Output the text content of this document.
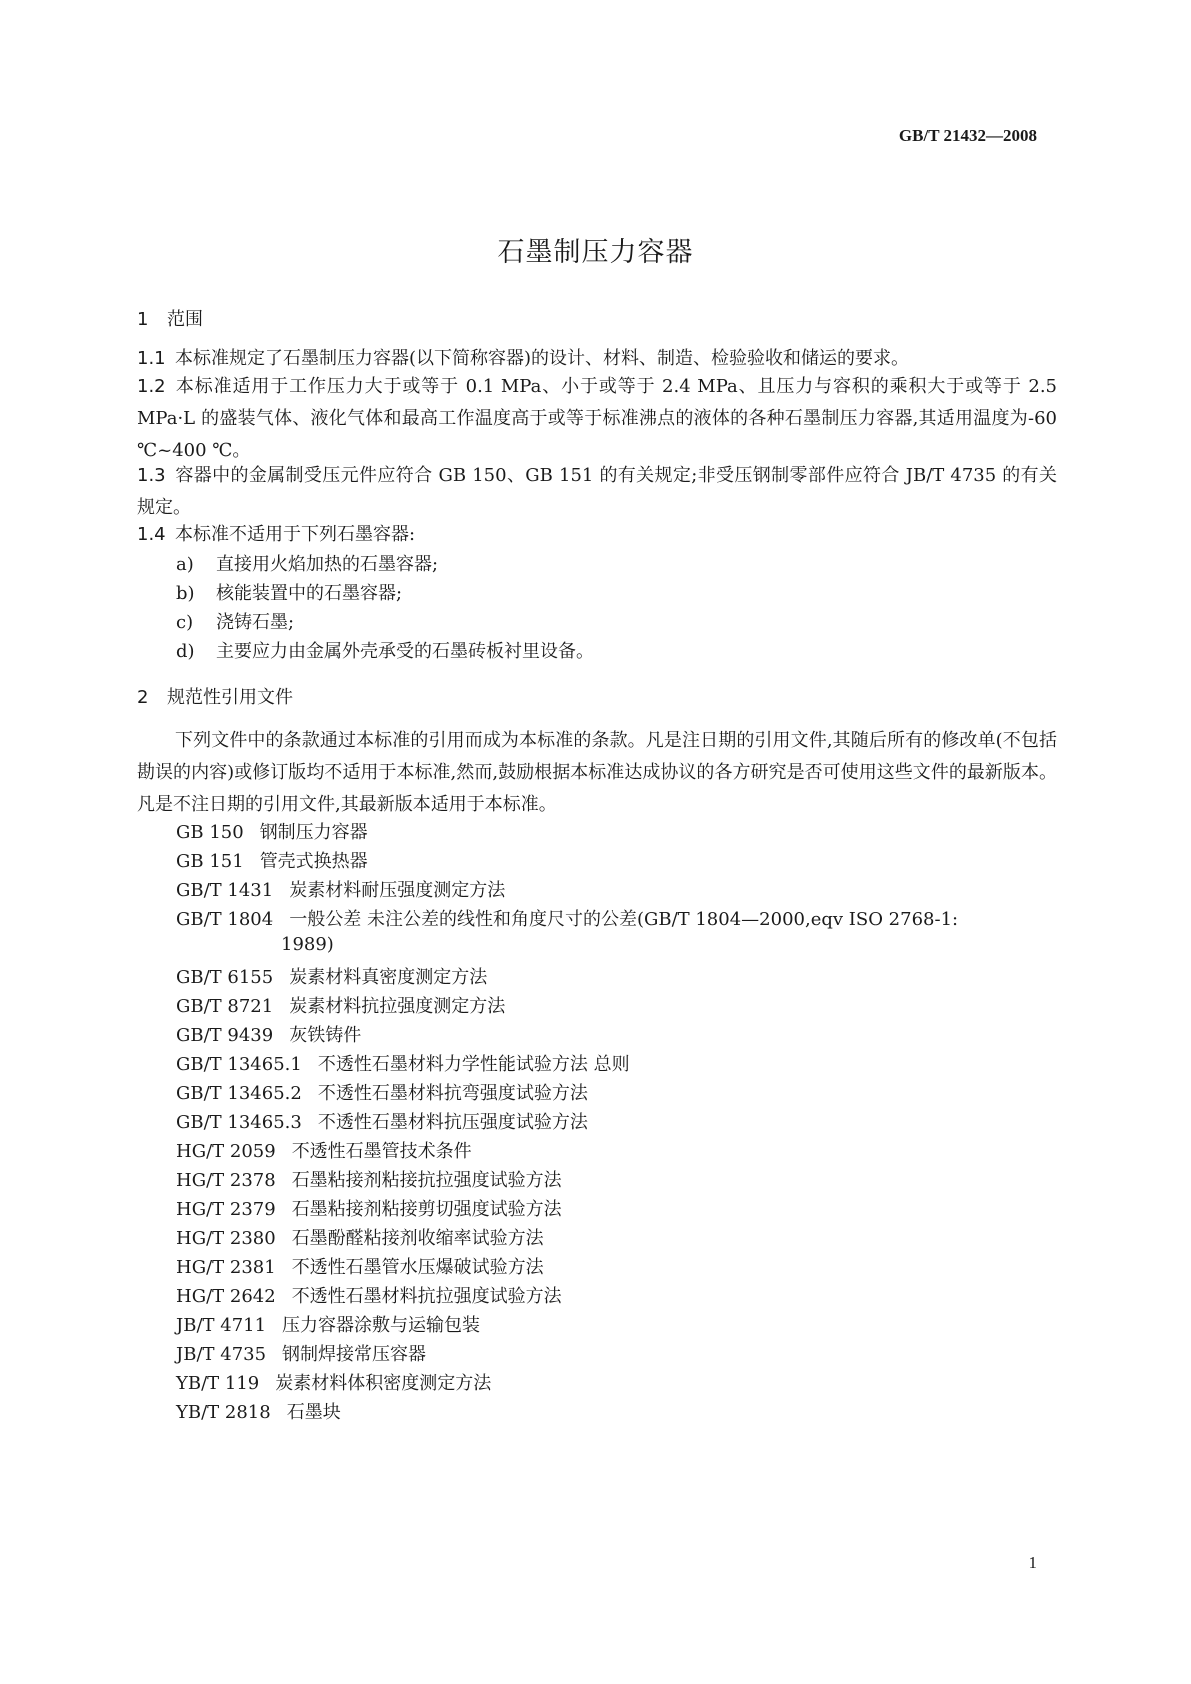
GB/T 21432—2008
石墨制压力容器
1 范围
1.1 本标准规定了石墨制压力容器(以下简称容器)的设计、材料、制造、检验验收和储运的要求。
1.2 本标准适用于工作压力大于或等于 0.1 MPa、小于或等于 2.4 MPa、且压力与容积的乘积大于或等于 2.5 MPa·L 的盛装气体、液化气体和最高工作温度高于或等于标准沸点的液体的各种石墨制压力容器,其适用温度为-60 ℃~400 ℃。
1.3 容器中的金属制受压元件应符合 GB 150、GB 151 的有关规定;非受压钢制零部件应符合 JB/T 4735 的有关规定。
1.4 本标准不适用于下列石墨容器:
a) 直接用火焰加热的石墨容器;
b) 核能装置中的石墨容器;
c) 浇铸石墨;
d) 主要应力由金属外壳承受的石墨砖板衬里设备。
2 规范性引用文件
下列文件中的条款通过本标准的引用而成为本标准的条款。凡是注日期的引用文件,其随后所有的修改单(不包括勘误的内容)或修订版均不适用于本标准,然而,鼓励根据本标准达成协议的各方研究是否可使用这些文件的最新版本。凡是不注日期的引用文件,其最新版本适用于本标准。
GB 150 钢制压力容器
GB 151 管壳式换热器
GB/T 1431 炭素材料耐压强度测定方法
GB/T 1804 一般公差 未注公差的线性和角度尺寸的公差(GB/T 1804—2000,eqv ISO 2768-1:
1989)
GB/T 6155 炭素材料真密度测定方法
GB/T 8721 炭素材料抗拉强度测定方法
GB/T 9439 灰铁铸件
GB/T 13465.1 不透性石墨材料力学性能试验方法 总则
GB/T 13465.2 不透性石墨材料抗弯强度试验方法
GB/T 13465.3 不透性石墨材料抗压强度试验方法
HG/T 2059 不透性石墨管技术条件
HG/T 2378 石墨粘接剂粘接抗拉强度试验方法
HG/T 2379 石墨粘接剂粘接剪切强度试验方法
HG/T 2380 石墨酚醛粘接剂收缩率试验方法
HG/T 2381 不透性石墨管水压爆破试验方法
HG/T 2642 不透性石墨材料抗拉强度试验方法
JB/T 4711 压力容器涂敷与运输包装
JB/T 4735 钢制焊接常压容器
YB/T 119 炭素材料体积密度测定方法
YB/T 2818 石墨块
1
